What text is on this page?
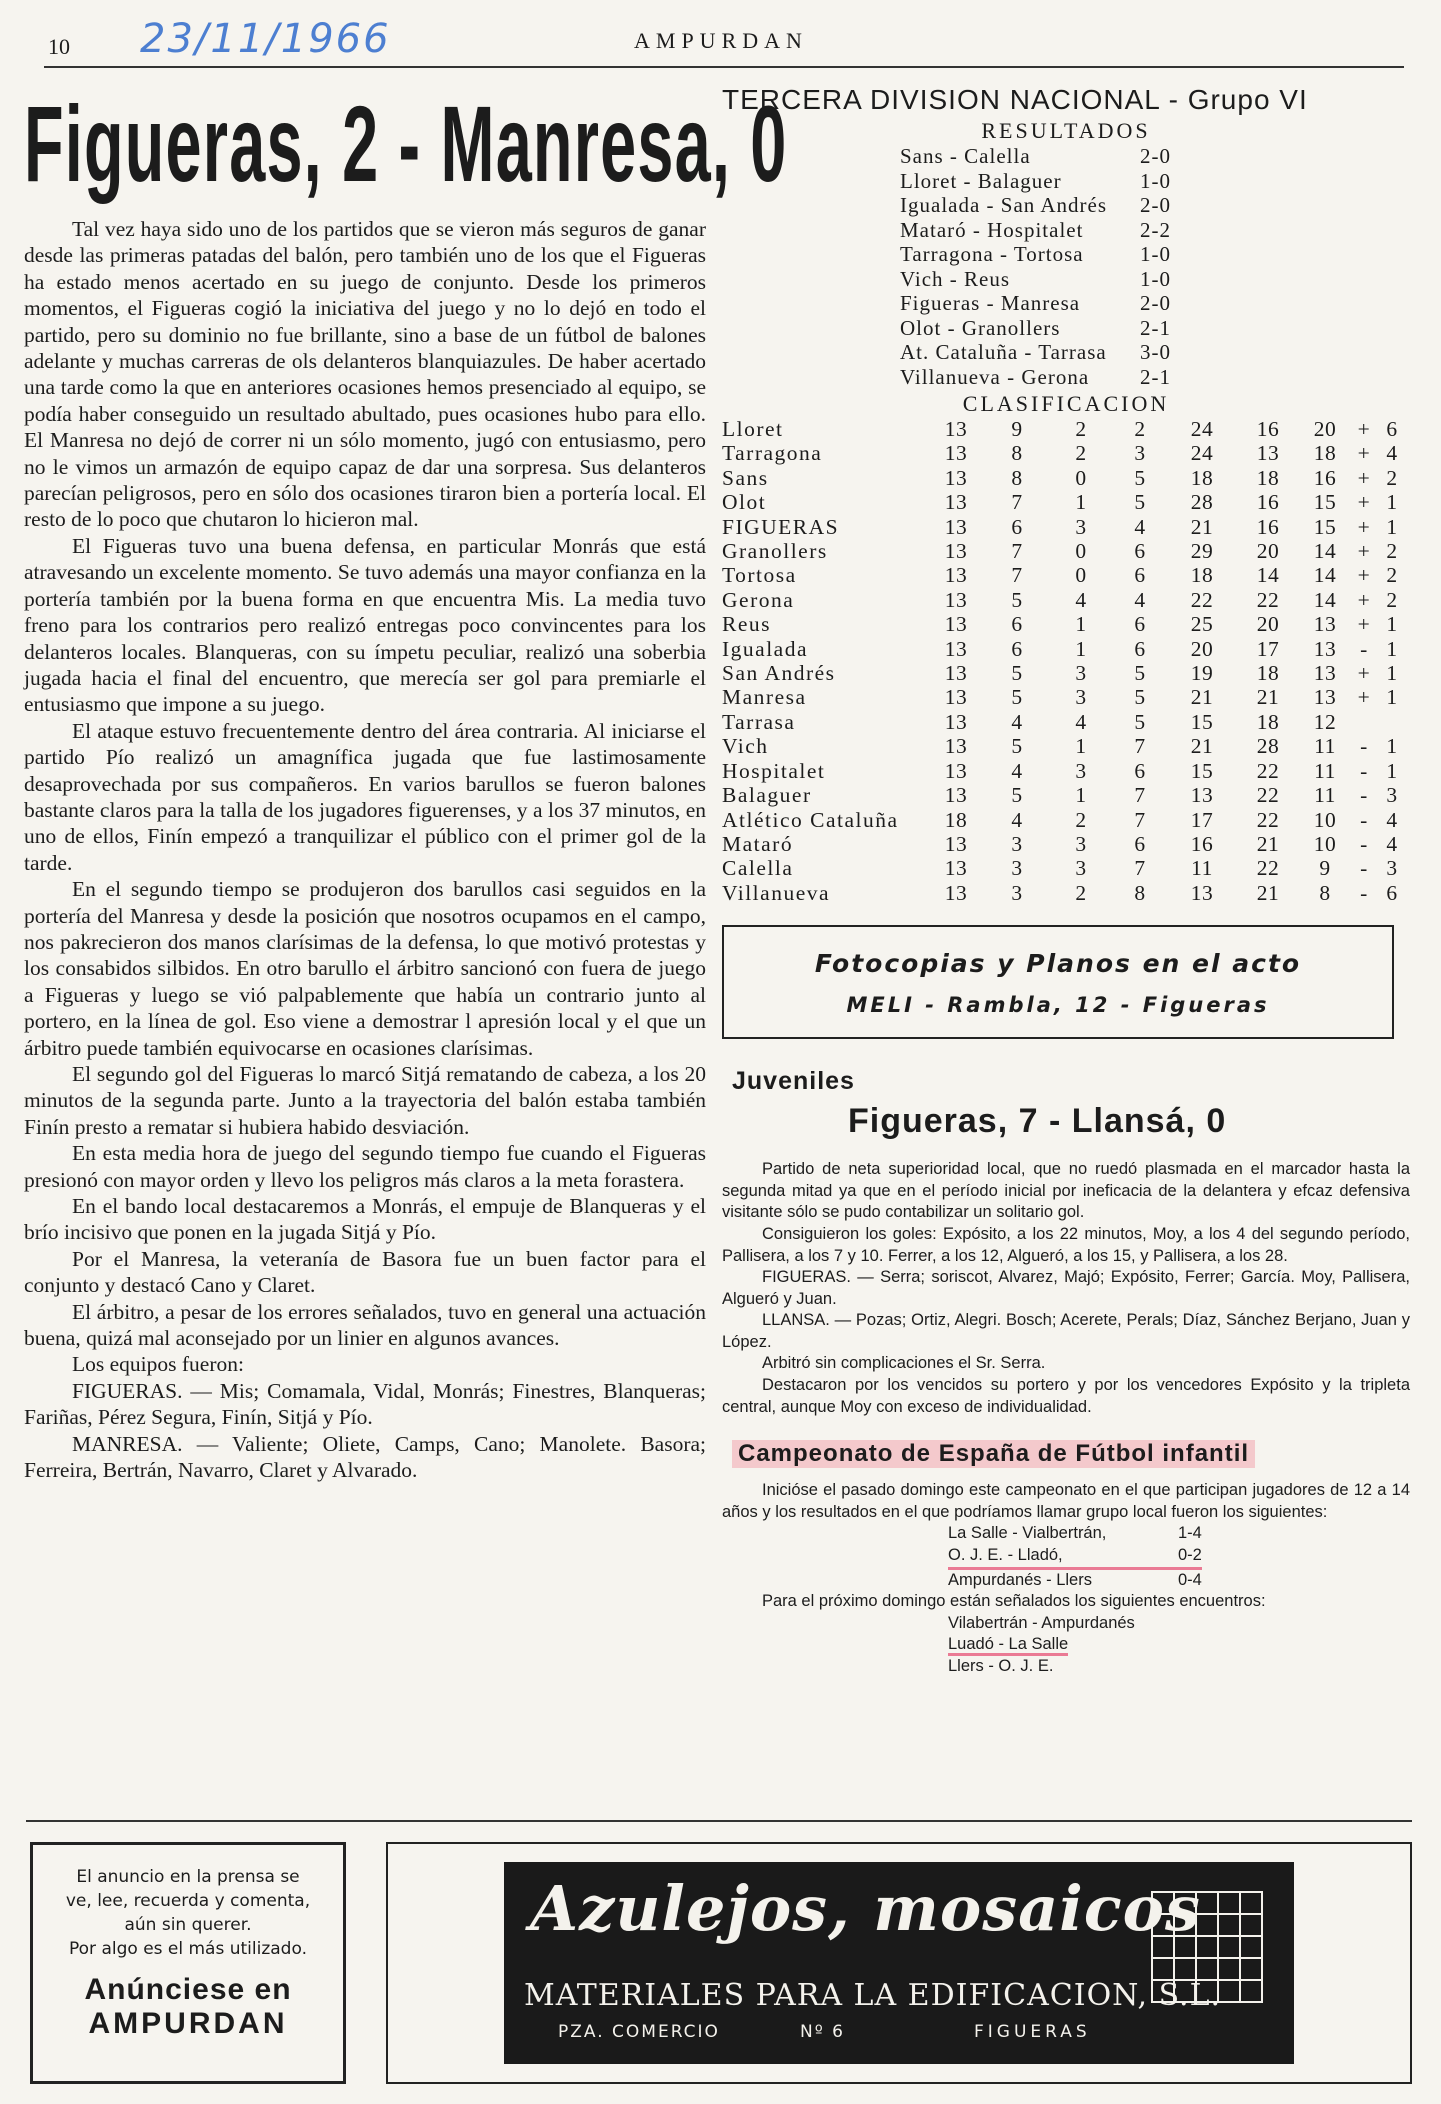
10 23/11/1966	AMPURDAN
Figueras, 2 - Manresa, 0

Tal vez haya sido uno de los partidos que se vieron más seguros de ganar desde las primeras patadas del balón, pero también uno de los que el Figueras ha estado menos acertado en su juego de conjunto. Desde los primeros momentos, el Figueras cogió la iniciativa del juego y no lo dejó en todo el partido, pero su dominio no fue brillante, sino a base de un fútbol de balones adelante y muchas carreras de ols delanteros blanquiazules. De haber acertado una tarde como la que en anteriores ocasiones hemos presenciado al equipo, se podía haber conseguido un resultado abultado, pues ocasiones hubo para ello. El Manresa no dejó de correr ni un sólo momento, jugó con entusiasmo, pero no le vimos un armazón de equipo capaz de dar una sorpresa. Sus delanteros parecían peligrosos, pero en sólo dos ocasiones tiraron bien a portería local. El resto de lo poco que chutaron lo hicieron mal.

El Figueras tuvo una buena defensa, en particular Monrás que está atravesando un excelente momento. Se tuvo además una mayor confianza en la portería también por la buena forma en que encuentra Mis. La media tuvo freno para los contrarios pero realizó entregas poco convincentes para los delanteros locales. Blanqueras, con su ímpetu peculiar, realizó una soberbia jugada hacia el final del encuentro, que merecía ser gol para premiarle el entusiasmo que impone a su juego.

El ataque estuvo frecuentemente dentro del área contraria. Al iniciarse el partido Pío realizó un amagnífica jugada que fue lastimosamente desaprovechada por sus compañeros. En varios barullos se fueron balones bastante claros para la talla de los jugadores figuerenses, y a los 37 minutos, en uno de ellos, Finín empezó a tranquilizar el público con el primer gol de la tarde.

En el segundo tiempo se produjeron dos barullos casi seguidos en la portería del Manresa y desde la posición que nosotros ocupamos en el campo, nos pakrecieron dos manos clarísimas de la defensa, lo que motivó protestas y los consabidos silbidos. En otro barullo el árbitro sancionó con fuera de juego a Figueras y luego se vió palpablemente que había un contrario junto al portero, en la línea de gol. Eso viene a demostrar l apresión local y el que un árbitro puede también equivocarse en ocasiones clarísimas.

El segundo gol del Figueras lo marcó Sitjá rematando de cabeza, a los 20 minutos de la segunda parte. Junto a la trayectoria del balón estaba también Finín presto a rematar si hubiera habido desviación.

En esta media hora de juego del segundo tiempo fue cuando el Figueras presionó con mayor orden y llevo los peligros más claros a la meta forastera.

En el bando local destacaremos a Monrás, el empuje de Blanqueras y el brío incisivo que ponen en la jugada Sitjá y Pío.

Por el Manresa, la veteranía de Basora fue un buen factor para el conjunto y destacó Cano y Claret.

El árbitro, a pesar de los errores señalados, tuvo en general una actuación buena, quizá mal aconsejado por un linier en algunos avances.

Los equipos fueron:

FIGUERAS. — Mis; Comamala, Vidal, Monrás; Finestres, Blanqueras; Fariñas, Pérez Segura, Finín, Sitjá y Pío.

MANRESA. — Valiente; Oliete, Camps, Cano; Manolete. Basora; Ferreira, Bertrán, Navarro, Claret y Alvarado.

TERCERA DIVISION NACIONAL - Grupo VI
RESULTADOS
Sans - Calella	2-0
Lloret - Balaguer	1-0
Igualada - San Andrés 2-0
Mataró - Hospitalet	2-2
Tarragona - Tortosa	1-0
Vich - Reus	1-0
Figueras - Manresa	2-0
Olot - Granollers	2-1
At. Cataluña - Tarrasa 3-0
Villanueva - Gerona 2-1
CLASIFICACION
Lloret	13	9	2	2	24	16	20 + 6
Tarragona	13	8	2	3	24	13	18 + 4
Sans	13	8	0	5	18	18	16 + 2
Olot	13	7	1	5	28	16	15 + 1
FIGUERAS	13	6	3	4	21	16	15 + 1
Granollers	13	7	0	6	29	20	14 + 2
Tortosa	13	7	0	6	18	14	14 + 2
Gerona	13	5	4	4	22	22	14 + 2
Reus	13	6	1	6	25	20	13 + 1
Igualada	13	6	1	6	20	17	13	- 1
San Andrés	13	5	3	5	19	18	13 + 1
Manresa	13	5	3	5	21	21	13 + 1
Tarrasa	13	4	4	5	15	18	12
Vich	13	5	1	7	21	28	11	- 1
Hospitalet	13	4	3	6	15	22	11	- 1
Balaguer	13	5	1	7	13	22	11	- 3
Atlético Cataluña	18	4	2	7	17	22	10	- 4
Mataró	13	3	3	6	16	21	10	- 4
Calella	13	3	3	7	11	22	9	- 3
Villanueva	13	3	2	8	13	21	8	- 6
Fotocopias y Planos en el acto
MELI - Rambla, 12 - Figueras
Juveniles
Figueras, 7 - Llansá, 0

Partido de neta superioridad local, que no ruedó plasmada en el marcador hasta la segunda mitad ya que en el período inicial por ineficacia de la delantera y efcaz defensiva visitante sólo se pudo contabilizar un solitario gol.

Consiguieron los goles: Expósito, a los 22 minutos, Moy, a los 4 del segundo período, Pallisera, a los 7 y 10. Ferrer, a los 12, Algueró, a los 15, y Pallisera, a los 28.

FIGUERAS. — Serra; soriscot, Alvarez, Majó; Expósito, Ferrer; García. Moy, Pallisera, Algueró y Juan.

LLANSA. — Pozas; Ortiz, Alegri. Bosch; Acerete, Perals; Díaz, Sánchez Berjano, Juan y López.

Arbitró sin complicaciones el Sr. Serra.

Destacaron por los vencidos su portero y por los vencedores Expósito y la tripleta central, aunque Moy con exceso de individualidad.

Campeonato de España de Fútbol infantil

Inicióse el pasado domingo este campeonato en el que participan jugadores de 12 a 14 años y los resultados en el que podríamos llamar grupo local fueron los siguientes:

La Salle - Vialbertrán,	1-4
O. J. E. - Lladó,	0-2
Ampurdanés - Llers	0-4

Para el próximo domingo están señalados los siguientes encuentros:

Vilabertrán - Ampurdanés
Luadó - La Salle
Llers - O. J. E.
El anuncio en la prensa se
ve, lee, recuerda y comenta,
aún sin querer.
Por algo es el más utilizado.
Anúnciese en
AMPURDAN
Azulejos, mosaicos
MATERIALES PARA LA EDIFICACION, S.L.
PZA. COMERCIO	Nº 6	FIGUERAS
